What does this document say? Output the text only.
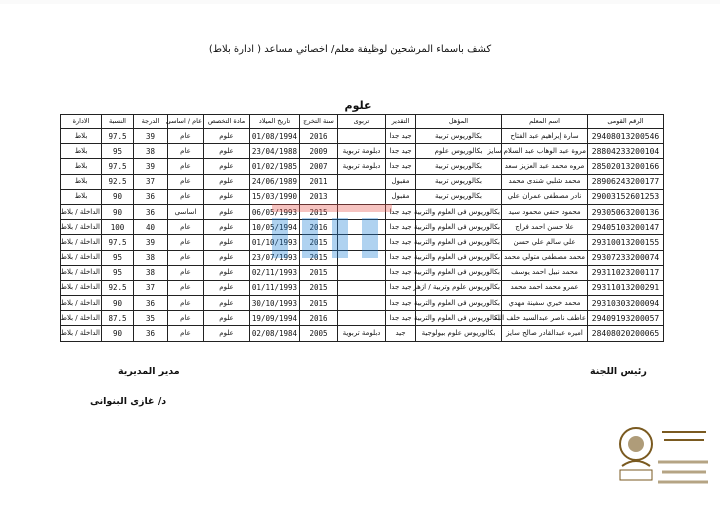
كشف باسماء المرشحين لوظيفة معلم/ اخصائي مساعد ( ادارة بلاط)
علوم
الرقم القومى	اسم المعلم	المؤهل	التقدير	تربوى	سنة التخرج	تاريخ الميلاد	مادة التخصص	عام / اساسى	الدرجة	النسبة	الادارة
29408013200546	سارة إبراهيم عبد الفتاح	بكالوريوس تربية	جيد جدا		2016	01/08/1994	علوم	عام	39	97.5	بلاط
28804233200104	مروة عبد الوهاب عبد السلام سايز	بكالوريوس علوم	جيد جدا	دبلومة تربوية	2009	23/04/1988	علوم	عام	38	95	بلاط
28502013200166	مروه محمد عبد العزيز سعد	بكالوريوس تربية	جيد جدا	دبلومة تربوية	2007	01/02/1985	علوم	عام	39	97.5	بلاط
28906243200177	محمد شلبي شندى محمد	بكالوريوس تربية	مقبول		2011	24/06/1989	علوم	عام	37	92.5	بلاط
29003152601253	نادر مصطفى عمران علي	بكالوريوس تربية	مقبول		2013	15/03/1990	علوم	عام	36	90	بلاط
29305063200136	محمود حنفي محمود سيد	بكالوريوس فى العلوم والتربية	جيد جدا		2015	06/05/1993	علوم	اساسى	36	90	الداخلة / بلاط
29405103200147	علا حسن احمد فراج	بكالوريوس فى العلوم والتربية	جيد جدا		2016	10/05/1994	علوم	عام	40	100	الداخلة / بلاط
29310013200155	علي سالم علي حسن	بكالوريوس فى العلوم والتربية	جيد جدا		2015	01/10/1993	علوم	عام	39	97.5	الداخلة / بلاط
29307233200074	محمد مصطفى متولي محمد	بكالوريوس فى العلوم والتربية	جيد جدا		2015	23/07/1993	علوم	عام	38	95	الداخلة / بلاط
29311023200117	محمد نبيل احمد يوسف	بكالوريوس فى العلوم والتربية	جيد جدا		2015	02/11/1993	علوم	عام	38	95	الداخلة / بلاط
29311013200291	عمرو محمد احمد محمد	بكالوريوس علوم وتربية / ازهر	جيد جدا		2015	01/11/1993	علوم	عام	37	92.5	الداخلة / بلاط
29310303200094	محمد خيري سفينة مهدي	بكالوريوس فى العلوم والتربية	جيد جدا		2015	30/10/1993	علوم	عام	36	90	الداخلة / بلاط
29409193200057	عاطف ناصر عبدالسيد خلف الله	بكالوريوس فى العلوم والتربية	جيد جدا		2016	19/09/1994	علوم	عام	35	87.5	الداخلة / بلاط
28408020200065	اميره عبدالقادر صالح سايز	بكالوريوس علوم بيولوجية	جيد	دبلومة تربوية	2005	02/08/1984	علوم	عام	36	90	الداخلة / بلاط
رئيس اللجنة
مدير المديرية
د/ غازى البنوانى
